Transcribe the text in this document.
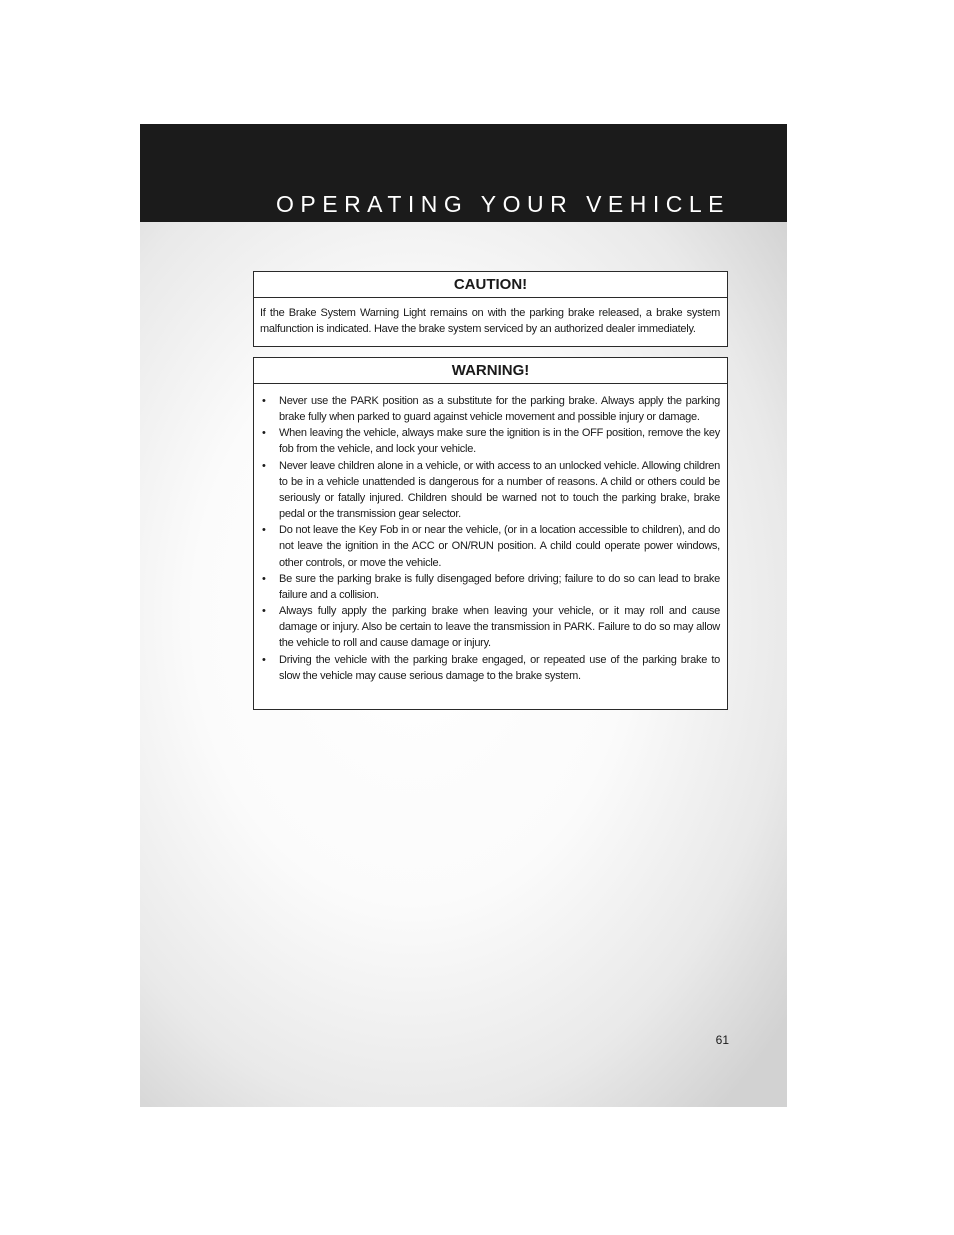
OPERATING YOUR VEHICLE
CAUTION!
If the Brake System Warning Light remains on with the parking brake released, a brake system malfunction is indicated. Have the brake system serviced by an authorized dealer immediately.
WARNING!
• Never use the PARK position as a substitute for the parking brake. Always apply the parking brake fully when parked to guard against vehicle movement and possible injury or damage.
• When leaving the vehicle, always make sure the ignition is in the OFF position, remove the key fob from the vehicle, and lock your vehicle.
• Never leave children alone in a vehicle, or with access to an unlocked vehicle. Allowing children to be in a vehicle unattended is dangerous for a number of reasons. A child or others could be seriously or fatally injured. Children should be warned not to touch the parking brake, brake pedal or the transmission gear selector.
• Do not leave the Key Fob in or near the vehicle, (or in a location accessible to children), and do not leave the ignition in the ACC or ON/RUN position. A child could operate power windows, other controls, or move the vehicle.
• Be sure the parking brake is fully disengaged before driving; failure to do so can lead to brake failure and a collision.
• Always fully apply the parking brake when leaving your vehicle, or it may roll and cause damage or injury. Also be certain to leave the transmission in PARK. Failure to do so may allow the vehicle to roll and cause damage or injury.
• Driving the vehicle with the parking brake engaged, or repeated use of the parking brake to slow the vehicle may cause serious damage to the brake system.
61
